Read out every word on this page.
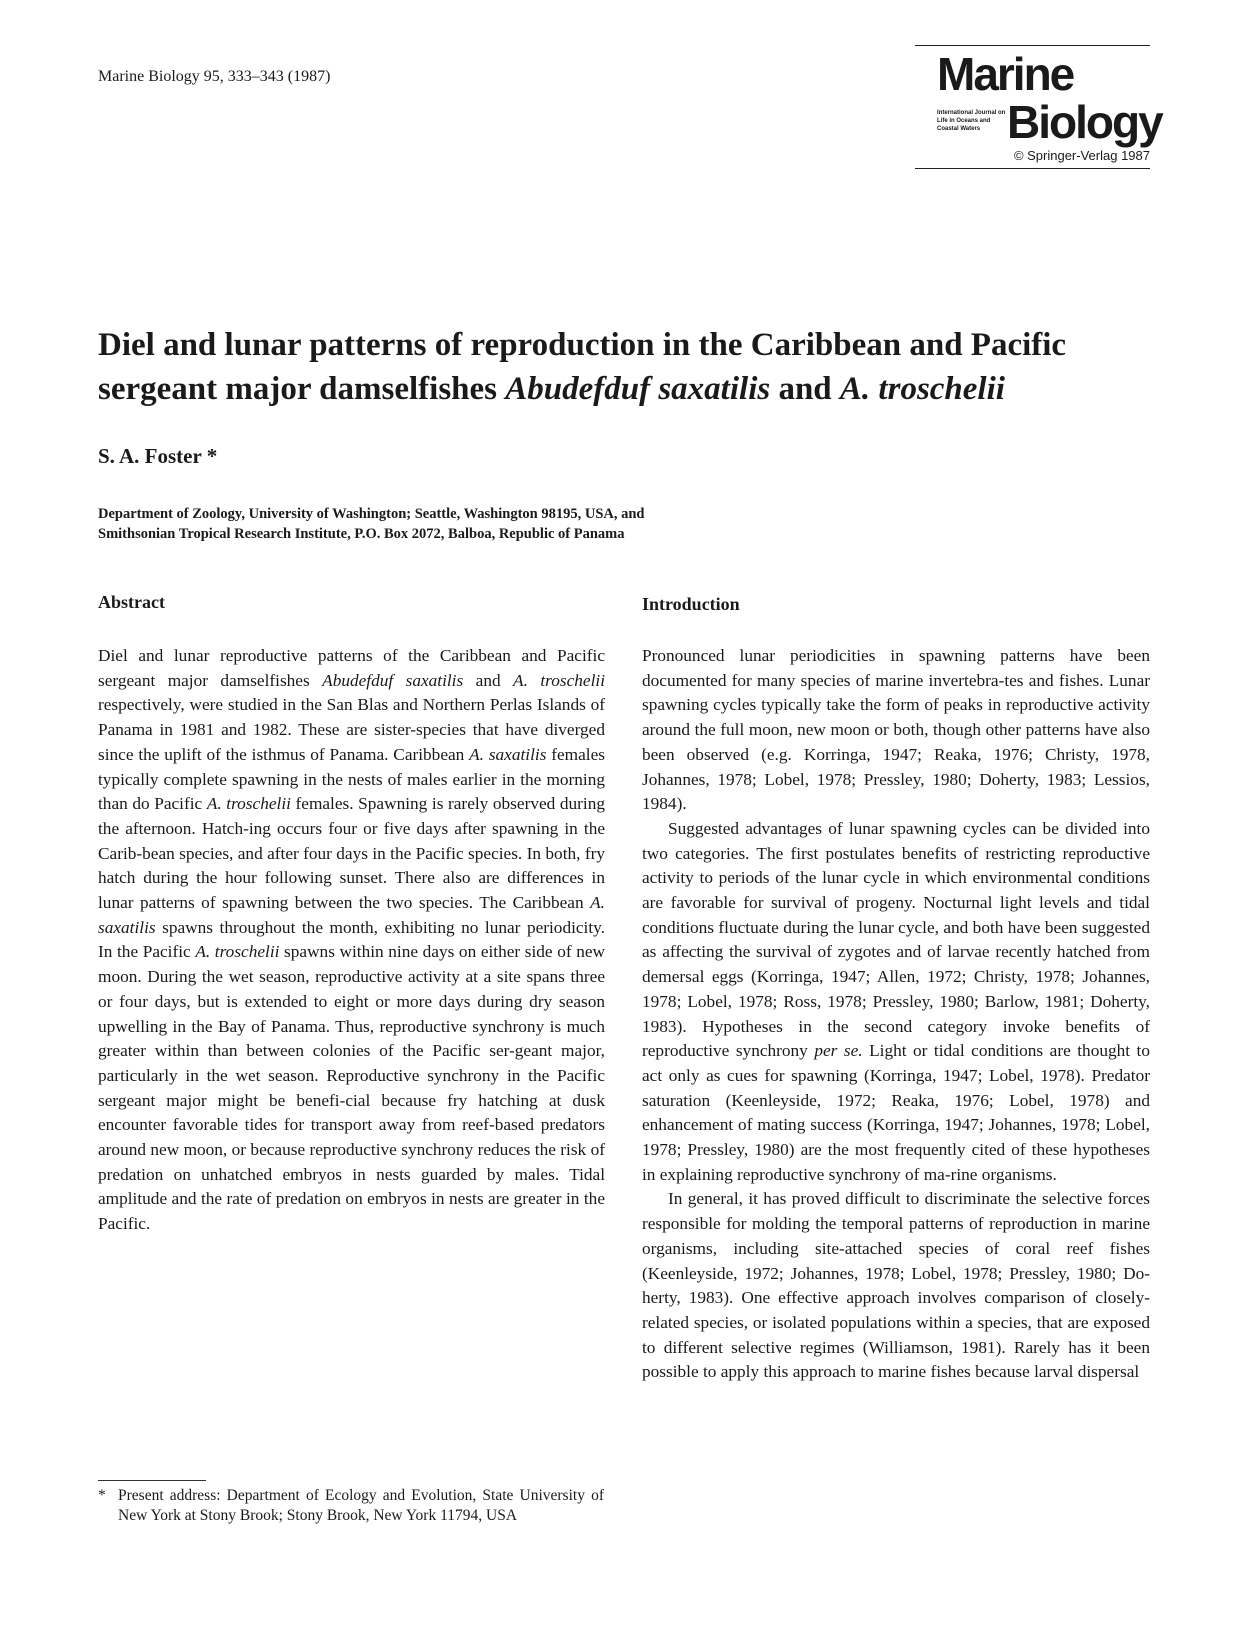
Marine Biology 95, 333–343 (1987)	Marine
International Journal on Life in Oceans and Coastal Waters Biology
© Springer-Verlag 1987
Diel and lunar patterns of reproduction in the Caribbean and Pacific sergeant major damselfishes Abudefduf saxatilis and A. troschelii
S. A. Foster *
Department of Zoology, University of Washington; Seattle, Washington 98195, USA, and
Smithsonian Tropical Research Institute, P.O. Box 2072, Balboa, Republic of Panama
Abstract	Introduction

Diel and lunar reproductive patterns of the Caribbean and Pacific sergeant major damselfishes Abudefduf saxatilis and A. troschelii respectively, were studied in the San Blas and Northern Perlas Islands of Panama in 1981 and 1982. These are sister-species that have diverged since the uplift of the isthmus of Panama. Caribbean A. saxatilis females typically complete spawning in the nests of males earlier in the morning than do Pacific A. troschelii females. Spawning is rarely observed during the afternoon. Hatch-ing occurs four or five days after spawning in the Carib-bean species, and after four days in the Pacific species. In both, fry hatch during the hour following sunset. There also are differences in lunar patterns of spawning between the two species. The Caribbean A. saxatilis spawns throughout the month, exhibiting no lunar periodicity. In the Pacific A. troschelii spawns within nine days on either side of new moon. During the wet season, reproductive activity at a site spans three or four days, but is extended to eight or more days during dry season upwelling in the Bay of Panama. Thus, reproductive synchrony is much greater within than between colonies of the Pacific ser-geant major, particularly in the wet season. Reproductive synchrony in the Pacific sergeant major might be benefi-cial because fry hatching at dusk encounter favorable tides for transport away from reef-based predators around new moon, or because reproductive synchrony reduces the risk of predation on unhatched embryos in nests guarded by males. Tidal amplitude and the rate of predation on embryos in nests are greater in the Pacific.

Pronounced lunar periodicities in spawning patterns have been documented for many species of marine invertebra-tes and fishes. Lunar spawning cycles typically take the form of peaks in reproductive activity around the full moon, new moon or both, though other patterns have also been observed (e.g. Korringa, 1947; Reaka, 1976; Christy, 1978, Johannes, 1978; Lobel, 1978; Pressley, 1980; Doherty, 1983; Lessios, 1984).

Suggested advantages of lunar spawning cycles can be divided into two categories. The first postulates benefits of restricting reproductive activity to periods of the lunar cycle in which environmental conditions are favorable for survival of progeny. Nocturnal light levels and tidal conditions fluctuate during the lunar cycle, and both have been suggested as affecting the survival of zygotes and of larvae recently hatched from demersal eggs (Korringa, 1947; Allen, 1972; Christy, 1978; Johannes, 1978; Lobel, 1978; Ross, 1978; Pressley, 1980; Barlow, 1981; Doherty, 1983). Hypotheses in the second category invoke benefits of reproductive synchrony per se. Light or tidal conditions are thought to act only as cues for spawning (Korringa, 1947; Lobel, 1978). Predator saturation (Keenleyside, 1972; Reaka, 1976; Lobel, 1978) and enhancement of mating success (Korringa, 1947; Johannes, 1978; Lobel, 1978; Pressley, 1980) are the most frequently cited of these hypotheses in explaining reproductive synchrony of ma-rine organisms.

In general, it has proved difficult to discriminate the selective forces responsible for molding the temporal patterns of reproduction in marine organisms, including site-attached species of coral reef fishes (Keenleyside, 1972; Johannes, 1978; Lobel, 1978; Pressley, 1980; Do-herty, 1983). One effective approach involves comparison of closely-related species, or isolated populations within a species, that are exposed to different selective regimes (Williamson, 1981). Rarely has it been possible to apply this approach to marine fishes because larval dispersal

* Present address: Department of Ecology and Evolution, State University of New York at Stony Brook; Stony Brook, New York 11794, USA
